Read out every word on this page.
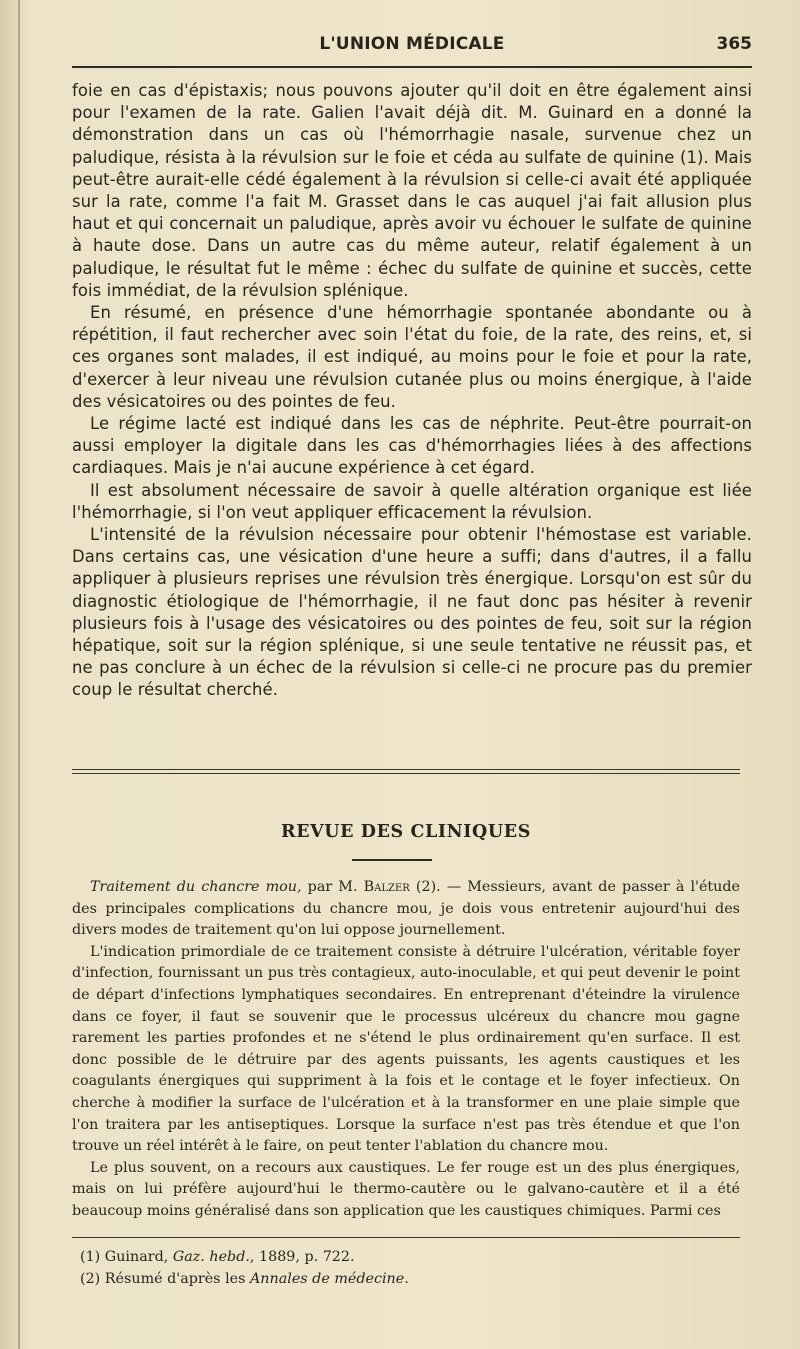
L'UNION MÉDICALE	365

foie en cas d'épistaxis; nous pouvons ajouter qu'il doit en être également ainsi pour l'examen de la rate. Galien l'avait déjà dit. M. Guinard en a donné la démonstration dans un cas où l'hémorrhagie nasale, survenue chez un paludique, résista à la révulsion sur le foie et céda au sulfate de quinine (1). Mais peut-être aurait-elle cédé également à la révulsion si celle-ci avait été appliquée sur la rate, comme l'a fait M. Grasset dans le cas auquel j'ai fait allusion plus haut et qui concernait un paludique, après avoir vu échouer le sulfate de quinine à haute dose. Dans un autre cas du même auteur, relatif également à un paludique, le résultat fut le même : échec du sulfate de quinine et succès, cette fois immédiat, de la révulsion splénique.

En résumé, en présence d'une hémorrhagie spontanée abondante ou à répétition, il faut rechercher avec soin l'état du foie, de la rate, des reins, et, si ces organes sont malades, il est indiqué, au moins pour le foie et pour la rate, d'exercer à leur niveau une révulsion cutanée plus ou moins énergique, à l'aide des vésicatoires ou des pointes de feu.

Le régime lacté est indiqué dans les cas de néphrite. Peut-être pourrait-on aussi employer la digitale dans les cas d'hémorrhagies liées à des affections cardiaques. Mais je n'ai aucune expérience à cet égard.

Il est absolument nécessaire de savoir à quelle altération organique est liée l'hémorrhagie, si l'on veut appliquer efficacement la révulsion.

L'intensité de la révulsion nécessaire pour obtenir l'hémostase est variable. Dans certains cas, une vésication d'une heure a suffi; dans d'autres, il a fallu appliquer à plusieurs reprises une révulsion très énergique. Lorsqu'on est sûr du diagnostic étiologique de l'hémorrhagie, il ne faut donc pas hésiter à revenir plusieurs fois à l'usage des vésicatoires ou des pointes de feu, soit sur la région hépatique, soit sur la région splénique, si une seule tentative ne réussit pas, et ne pas conclure à un échec de la révulsion si celle-ci ne procure pas du premier coup le résultat cherché.

REVUE DES CLINIQUES

Traitement du chancre mou, par M. Balzer (2). — Messieurs, avant de passer à l'étude des principales complications du chancre mou, je dois vous entretenir aujourd'hui des divers modes de traitement qu'on lui oppose journellement.

L'indication primordiale de ce traitement consiste à détruire l'ulcération, véritable foyer d'infection, fournissant un pus très contagieux, auto-inoculable, et qui peut devenir le point de départ d'infections lymphatiques secondaires. En entreprenant d'éteindre la virulence dans ce foyer, il faut se souvenir que le processus ulcéreux du chancre mou gagne rarement les parties profondes et ne s'étend le plus ordinairement qu'en surface. Il est donc possible de le détruire par des agents puissants, les agents caustiques et les coagulants énergiques qui suppriment à la fois et le contage et le foyer infectieux. On cherche à modifier la surface de l'ulcération et à la transformer en une plaie simple que l'on traitera par les antiseptiques. Lorsque la surface n'est pas très étendue et que l'on trouve un réel intérêt à le faire, on peut tenter l'ablation du chancre mou.

Le plus souvent, on a recours aux caustiques. Le fer rouge est un des plus énergiques, mais on lui préfère aujourd'hui le thermo-cautère ou le galvano-cautère et il a été beaucoup moins généralisé dans son application que les caustiques chimiques. Parmi ces

(1) Guinard, Gaz. hebd., 1889, p. 722.

(2) Résumé d'après les Annales de médecine.
